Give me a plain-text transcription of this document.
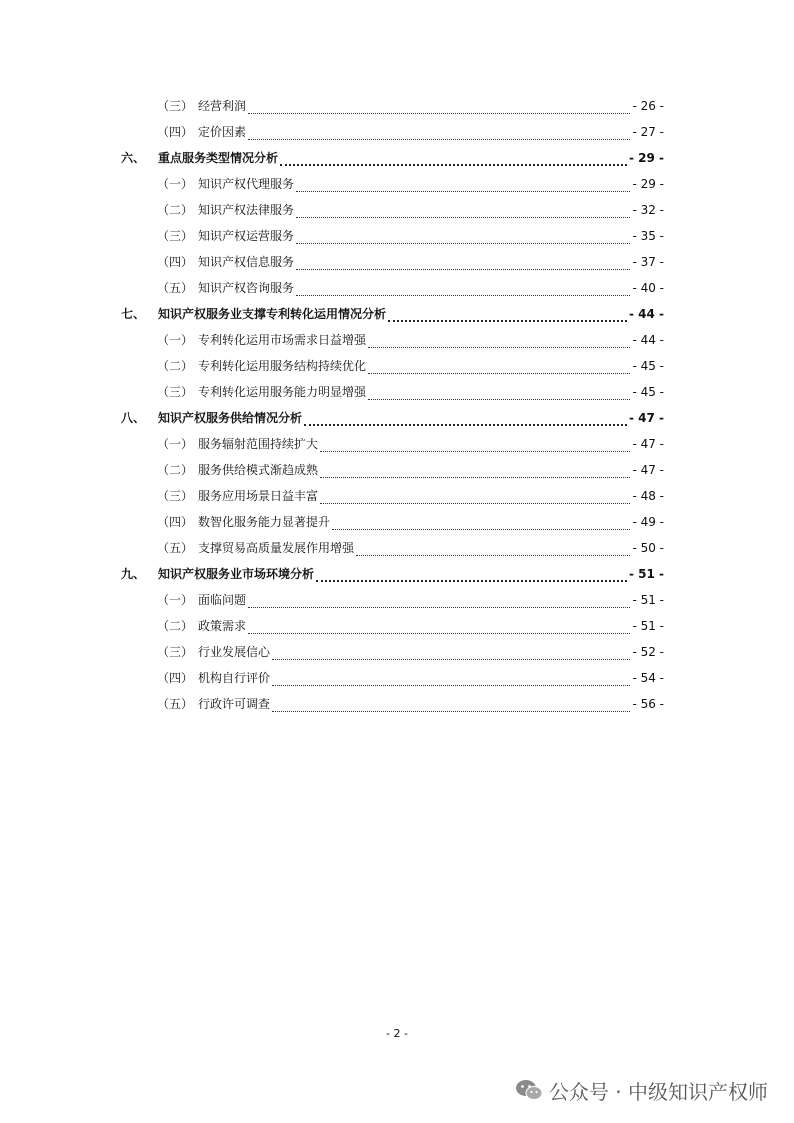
（三） 经营利润	- 26 -
（四） 定价因素	- 27 -
六、 重点服务类型情况分析	- 29 -
（一） 知识产权代理服务	- 29 -
（二） 知识产权法律服务	- 32 -
（三） 知识产权运营服务	- 35 -
（四） 知识产权信息服务	- 37 -
（五） 知识产权咨询服务	- 40 -
七、 知识产权服务业支撑专利转化运用情况分析	- 44 -
（一） 专利转化运用市场需求日益增强	- 44 -
（二） 专利转化运用服务结构持续优化	- 45 -
（三） 专利转化运用服务能力明显增强	- 45 -
八、 知识产权服务供给情况分析	- 47 -
（一） 服务辐射范围持续扩大	- 47 -
（二） 服务供给模式渐趋成熟	- 47 -
（三） 服务应用场景日益丰富	- 48 -
（四） 数智化服务能力显著提升	- 49 -
（五） 支撑贸易高质量发展作用增强	- 50 -
九、 知识产权服务业市场环境分析	- 51 -
（一） 面临问题	- 51 -
（二） 政策需求	- 51 -
（三） 行业发展信心	- 52 -
（四） 机构自行评价	- 54 -
（五） 行政许可调查	- 56 -
- 2 -
公众号 · 中级知识产权师
